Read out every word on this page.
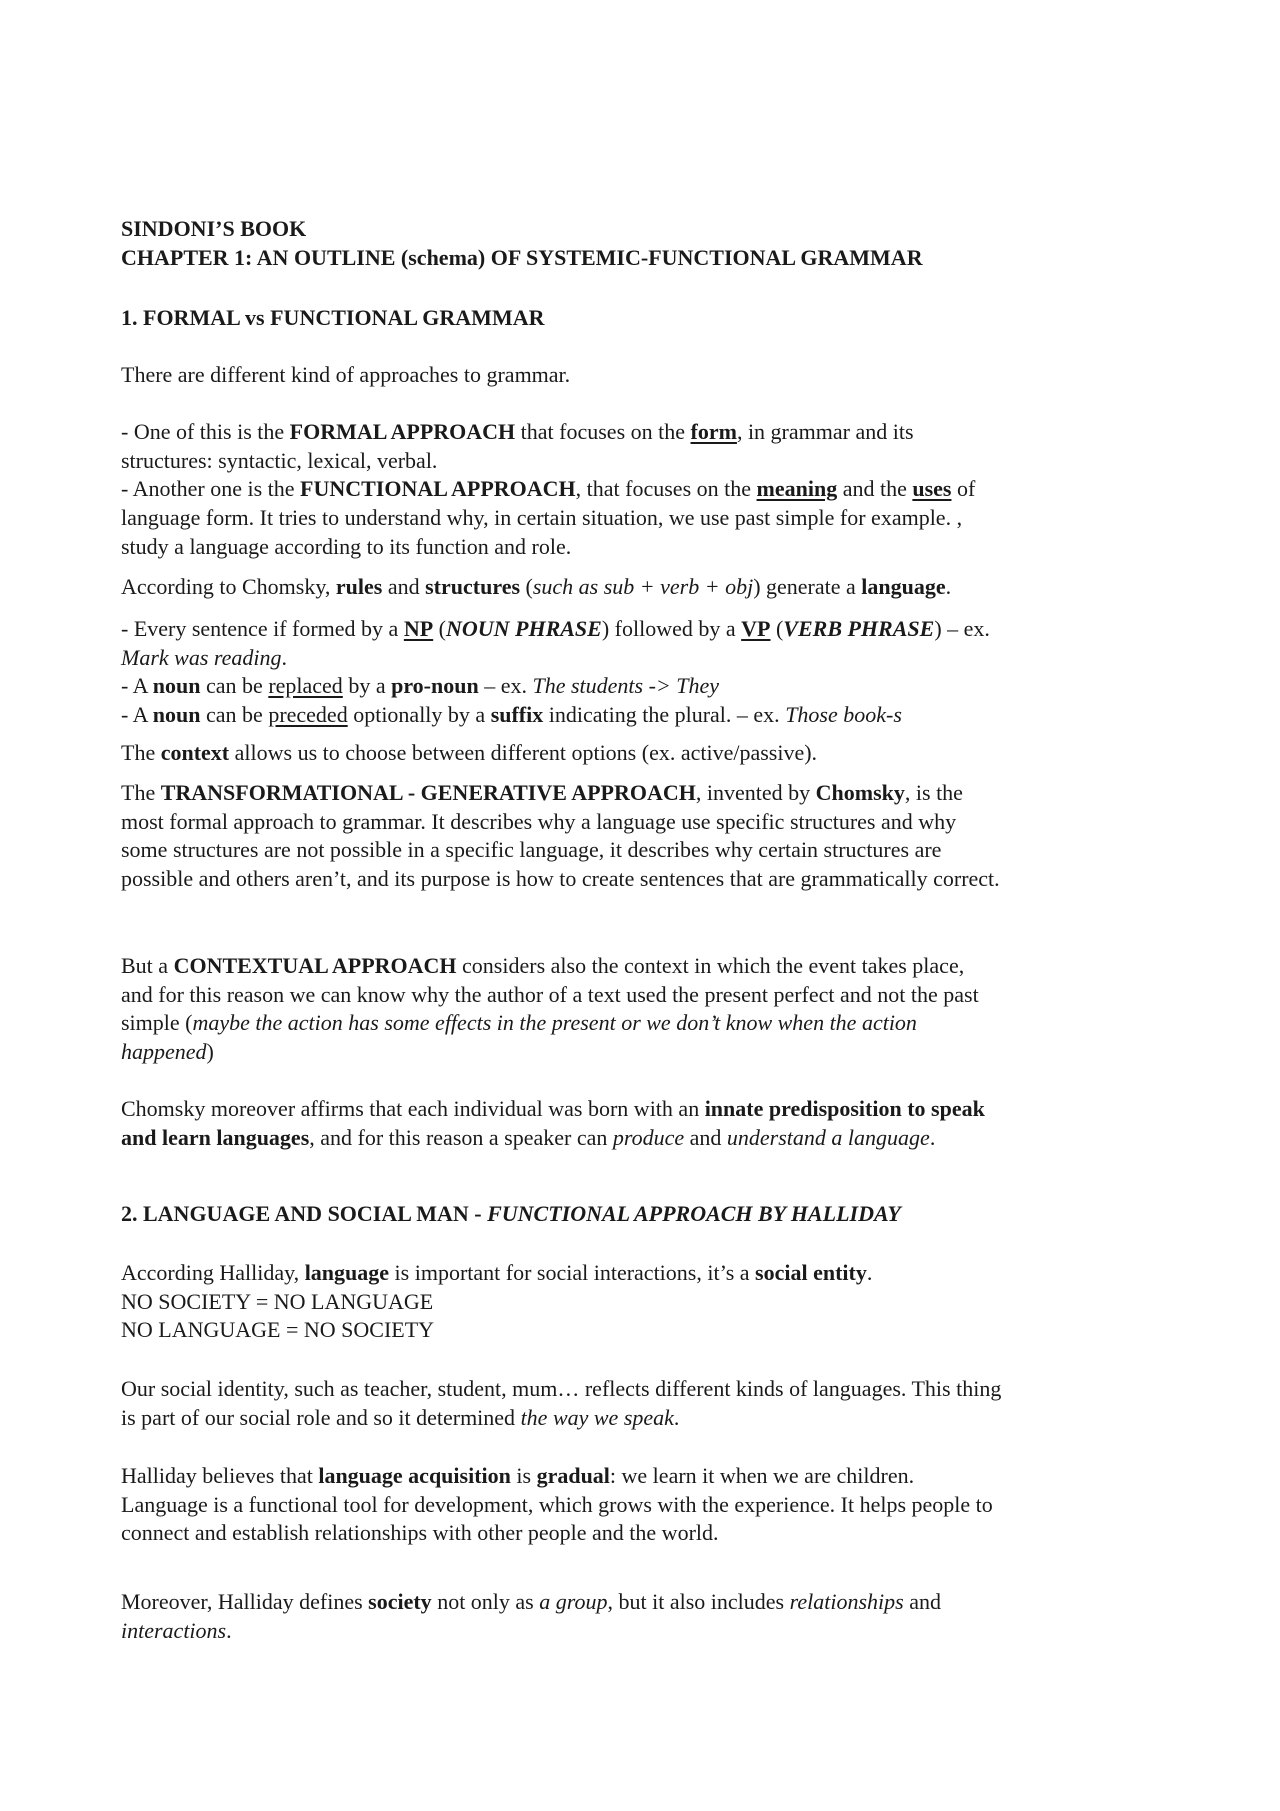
SINDONI’S BOOK
CHAPTER 1: AN OUTLINE (schema) OF SYSTEMIC-FUNCTIONAL GRAMMAR
1. FORMAL vs FUNCTIONAL GRAMMAR
There are different kind of approaches to grammar.
- One of this is the FORMAL APPROACH that focuses on the form, in grammar and its
structures: syntactic, lexical, verbal.
- Another one is the FUNCTIONAL APPROACH, that focuses on the meaning and the uses of
language form. It tries to understand why, in certain situation, we use past simple for example. ,
study a language according to its function and role.
According to Chomsky, rules and structures (such as sub + verb + obj) generate a language.
- Every sentence if formed by a NP (NOUN PHRASE) followed by a VP (VERB PHRASE) – ex.
Mark was reading.
- A noun can be replaced by a pro-noun – ex. The students -> They
- A noun can be preceded optionally by a suffix indicating the plural. – ex. Those book-s
The context allows us to choose between different options (ex. active/passive).
The TRANSFORMATIONAL - GENERATIVE APPROACH, invented by Chomsky, is the
most formal approach to grammar. It describes why a language use specific structures and why
some structures are not possible in a specific language, it describes why certain structures are
possible and others aren’t, and its purpose is how to create sentences that are grammatically correct.
But a CONTEXTUAL APPROACH considers also the context in which the event takes place,
and for this reason we can know why the author of a text used the present perfect and not the past
simple (maybe the action has some effects in the present or we don’t know when the action
happened)
Chomsky moreover affirms that each individual was born with an innate predisposition to speak
and learn languages, and for this reason a speaker can produce and understand a language.
2. LANGUAGE AND SOCIAL MAN - FUNCTIONAL APPROACH BY HALLIDAY
According Halliday, language is important for social interactions, it’s a social entity.
NO SOCIETY = NO LANGUAGE
NO LANGUAGE = NO SOCIETY
Our social identity, such as teacher, student, mum… reflects different kinds of languages. This thing
is part of our social role and so it determined the way we speak.
Halliday believes that language acquisition is gradual: we learn it when we are children.
Language is a functional tool for development, which grows with the experience. It helps people to
connect and establish relationships with other people and the world.
Moreover, Halliday defines society not only as a group, but it also includes relationships and
interactions.
